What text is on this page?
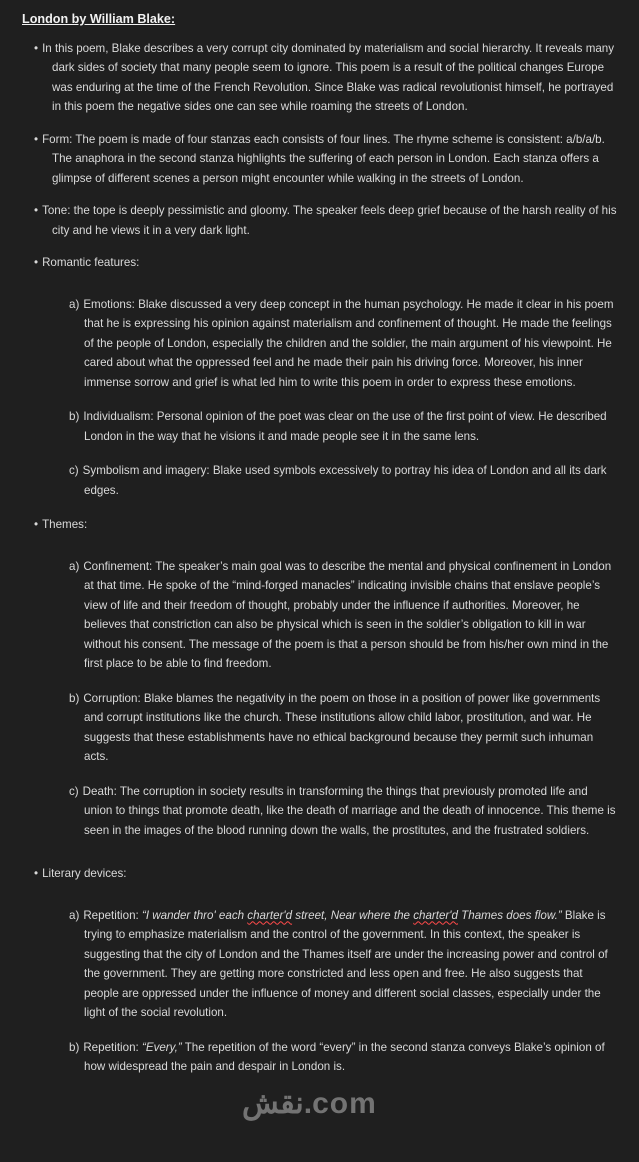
London by William Blake:
• In this poem, Blake describes a very corrupt city dominated by materialism and social hierarchy. It reveals many dark sides of society that many people seem to ignore. This poem is a result of the political changes Europe was enduring at the time of the French Revolution. Since Blake was radical revolutionist himself, he portrayed in this poem the negative sides one can see while roaming the streets of London.
• Form: The poem is made of four stanzas each consists of four lines. The rhyme scheme is consistent: a/b/a/b. The anaphora in the second stanza highlights the suffering of each person in London. Each stanza offers a glimpse of different scenes a person might encounter while walking in the streets of London.
• Tone: the tope is deeply pessimistic and gloomy. The speaker feels deep grief because of the harsh reality of his city and he views it in a very dark light.
• Romantic features:
a) Emotions: Blake discussed a very deep concept in the human psychology. He made it clear in his poem that he is expressing his opinion against materialism and confinement of thought. He made the feelings of the people of London, especially the children and the soldier, the main argument of his viewpoint. He cared about what the oppressed feel and he made their pain his driving force. Moreover, his inner immense sorrow and grief is what led him to write this poem in order to express these emotions.
b) Individualism: Personal opinion of the poet was clear on the use of the first point of view. He described London in the way that he visions it and made people see it in the same lens.
c) Symbolism and imagery: Blake used symbols excessively to portray his idea of London and all its dark edges.
• Themes:
a) Confinement: The speaker’s main goal was to describe the mental and physical confinement in London at that time. He spoke of the “mind-forged manacles” indicating invisible chains that enslave people’s view of life and their freedom of thought, probably under the influence if authorities. Moreover, he believes that constriction can also be physical which is seen in the soldier’s obligation to kill in war without his consent. The message of the poem is that a person should be from his/her own mind in the first place to be able to find freedom.
b) Corruption: Blake blames the negativity in the poem on those in a position of power like governments and corrupt institutions like the church. These institutions allow child labor, prostitution, and war. He suggests that these establishments have no ethical background because they permit such inhuman acts.
c) Death: The corruption in society results in transforming the things that previously promoted life and union to things that promote death, like the death of marriage and the death of innocence. This theme is seen in the images of the blood running down the walls, the prostitutes, and the frustrated soldiers.
• Literary devices:
a) Repetition: “I wander thro' each charter'd street, Near where the charter'd Thames does flow.” Blake is trying to emphasize materialism and the control of the government. In this context, the speaker is suggesting that the city of London and the Thames itself are under the increasing power and control of the government. They are getting more constricted and less open and free. He also suggests that people are oppressed under the influence of money and different social classes, especially under the light of the social revolution.
b) Repetition: “Every,” The repetition of the word “every” in the second stanza conveys Blake’s opinion of how widespread the pain and despair in London is.
نقش.com
